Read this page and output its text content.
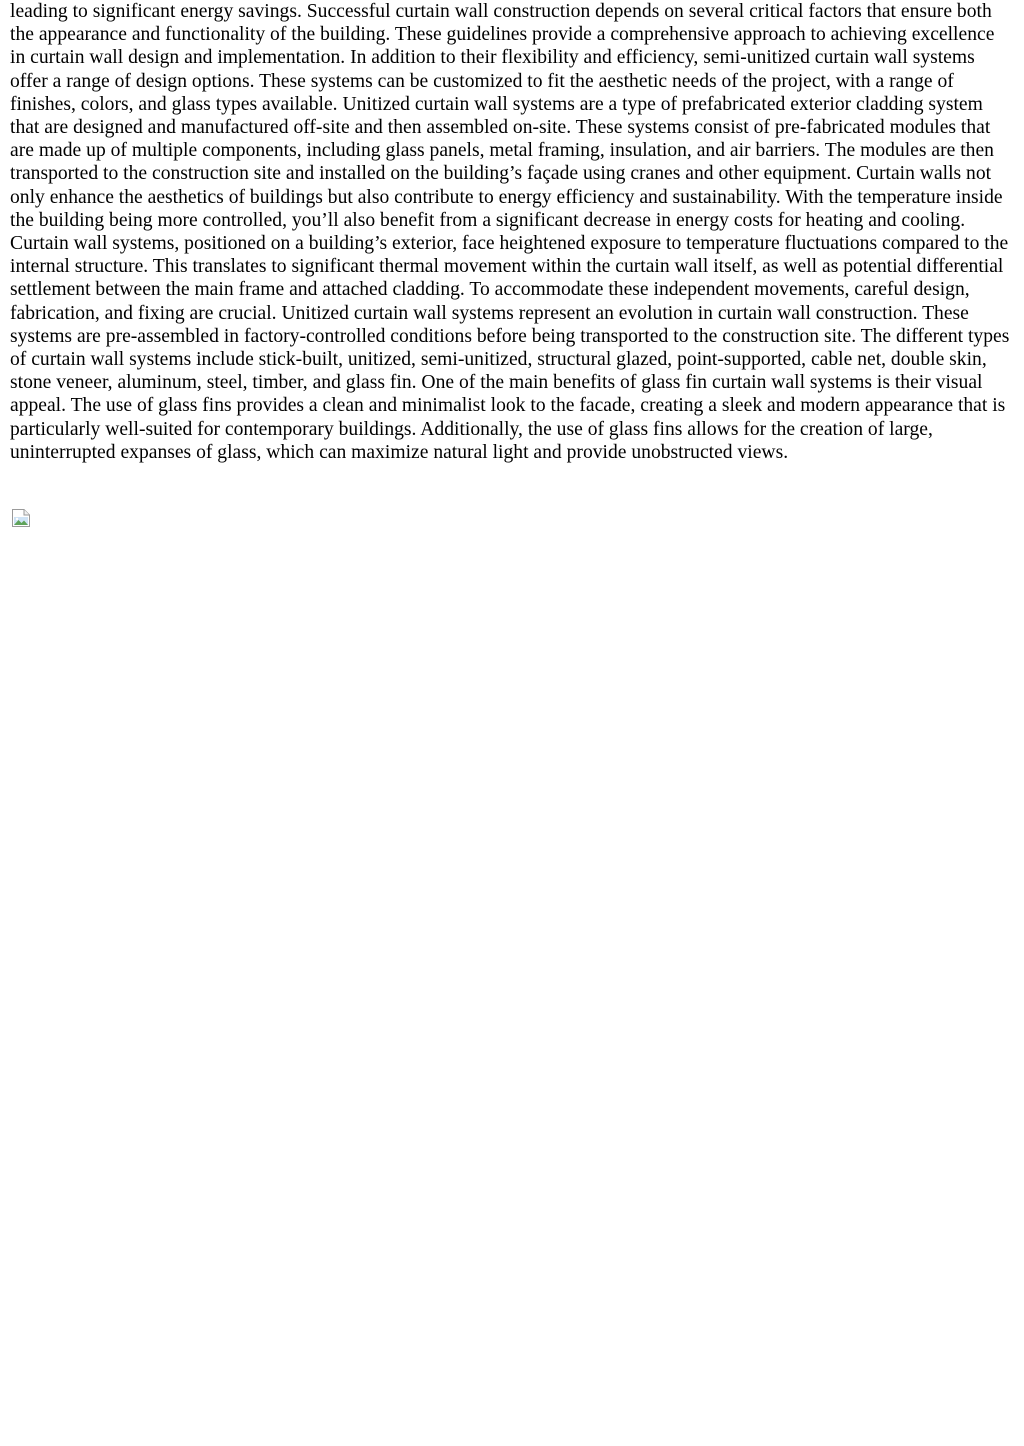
leading to significant energy savings. Successful curtain wall construction depends on several critical factors that ensure both the appearance and functionality of the building. These guidelines provide a comprehensive approach to achieving excellence in curtain wall design and implementation. In addition to their flexibility and efficiency, semi-unitized curtain wall systems offer a range of design options. These systems can be customized to fit the aesthetic needs of the project, with a range of finishes, colors, and glass types available. Unitized curtain wall systems are a type of prefabricated exterior cladding system that are designed and manufactured off-site and then assembled on-site. These systems consist of pre-fabricated modules that are made up of multiple components, including glass panels, metal framing, insulation, and air barriers. The modules are then transported to the construction site and installed on the building’s façade using cranes and other equipment. Curtain walls not only enhance the aesthetics of buildings but also contribute to energy efficiency and sustainability. With the temperature inside the building being more controlled, you’ll also benefit from a significant decrease in energy costs for heating and cooling. Curtain wall systems, positioned on a building’s exterior, face heightened exposure to temperature fluctuations compared to the internal structure. This translates to significant thermal movement within the curtain wall itself, as well as potential differential settlement between the main frame and attached cladding. To accommodate these independent movements, careful design, fabrication, and fixing are crucial. Unitized curtain wall systems represent an evolution in curtain wall construction. These systems are pre-assembled in factory-controlled conditions before being transported to the construction site. The different types of curtain wall systems include stick-built, unitized, semi-unitized, structural glazed, point-supported, cable net, double skin, stone veneer, aluminum, steel, timber, and glass fin. One of the main benefits of glass fin curtain wall systems is their visual appeal. The use of glass fins provides a clean and minimalist look to the facade, creating a sleek and modern appearance that is particularly well-suited for contemporary buildings. Additionally, the use of glass fins allows for the creation of large, uninterrupted expanses of glass, which can maximize natural light and provide unobstructed views.
